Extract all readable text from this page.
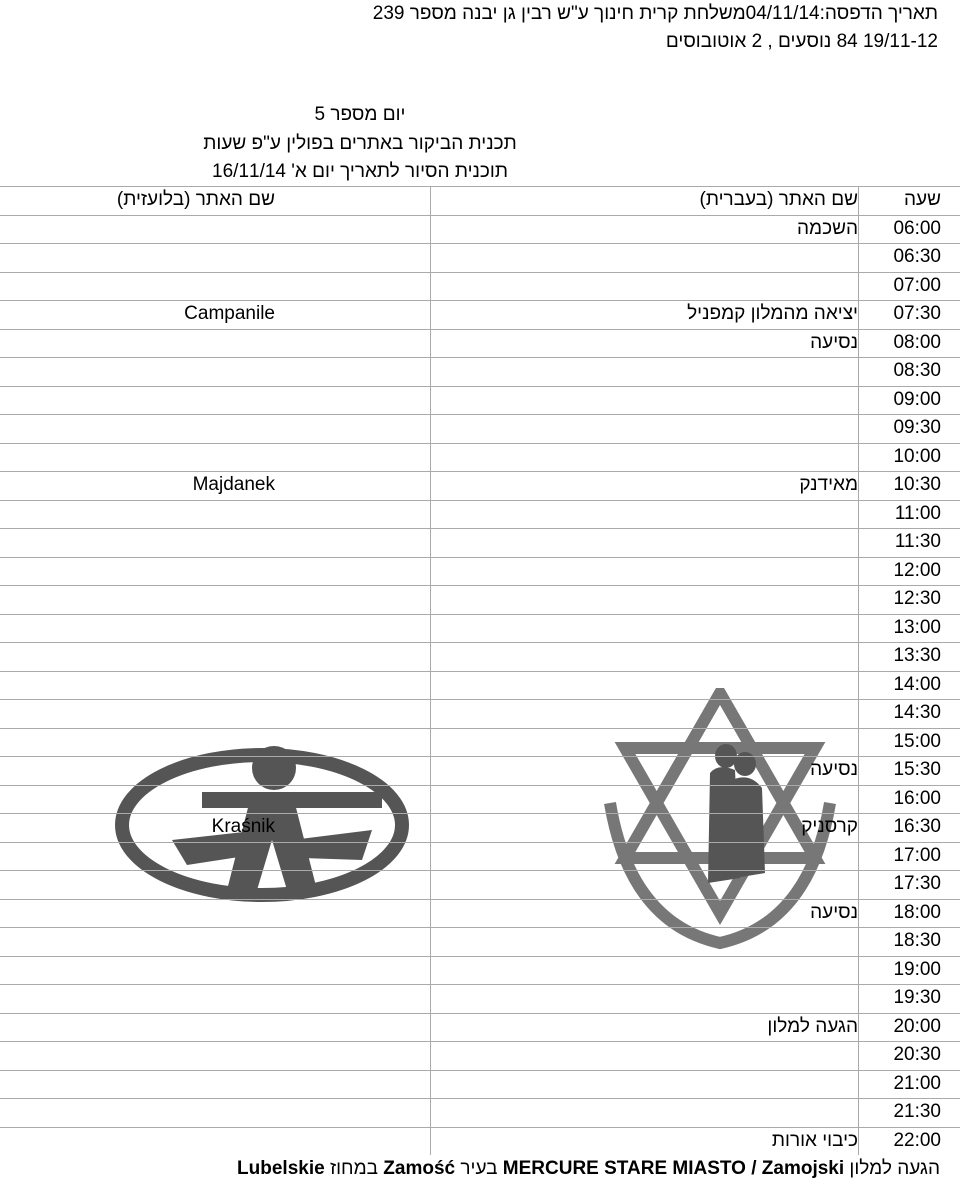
תאריך הדפסה:04/11/14משלחת קרית חינוך ע"ש רבין גן יבנה מספר 239
19/11-12 84 נוסעים , 2 אוטובוסים
יום מספר 5
תכנית הביקור באתרים בפולין ע"פ שעות
תוכנית הסיור לתאריך יום א' 16/11/14
שעה
שם האתר (בעברית)
שם האתר (בלועזית)
06:00
השכמה
06:30
07:00
07:30
יציאה מהמלון קמפניל
Campanile
08:00
נסיעה
08:30
09:00
09:30
10:00
10:30
מאידנק
Majdanek
11:00
11:30
12:00
12:30
13:00
13:30
14:00
14:30
15:00
15:30
נסיעה
16:00
16:30
קרסניק
Kraśnik
17:00
17:30
18:00
נסיעה
18:30
19:00
19:30
20:00
הגעה למלון
20:30
21:00
21:30
22:00
כיבוי אורות
הגעה למלון MERCURE STARE MIASTO / Zamojski בעיר Zamość במחוז Lubelskie
